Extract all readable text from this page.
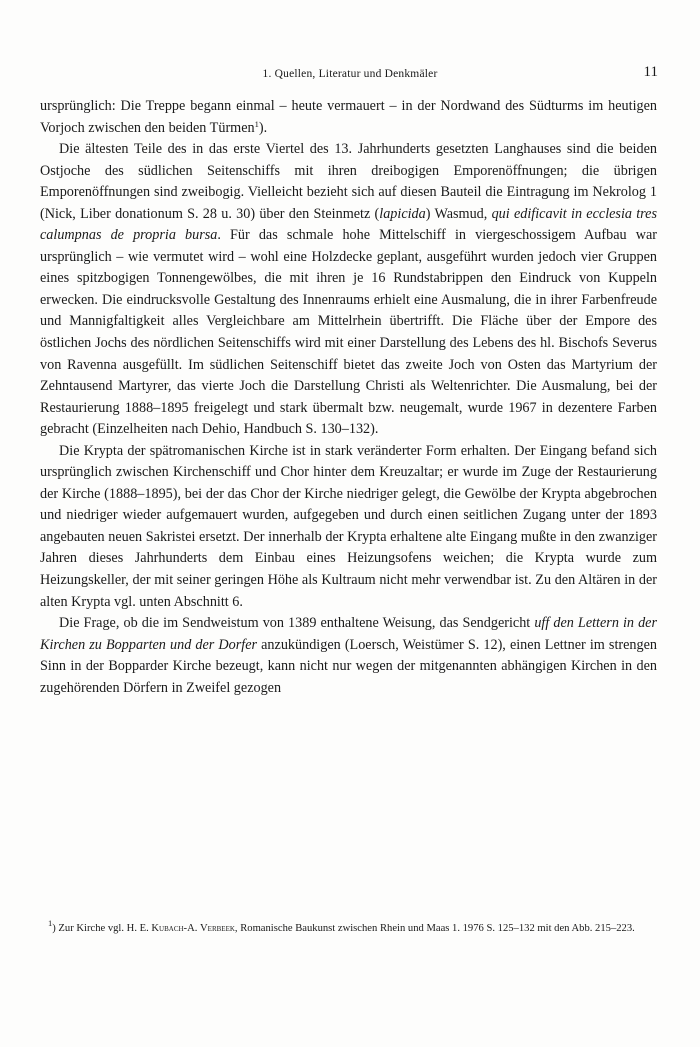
1. Quellen, Literatur und Denkmäler	11

ursprünglich: Die Treppe begann einmal – heute vermauert – in der Nordwand des Südturms im heutigen Vorjoch zwischen den beiden Türmen$^1$).

Die ältesten Teile des in das erste Viertel des 13. Jahrhunderts gesetzten Langhauses sind die beiden Ostjoche des südlichen Seitenschiffs mit ihren dreibogigen Emporenöffnungen; die übrigen Emporenöffnungen sind zweibogig. Vielleicht bezieht sich auf diesen Bauteil die Eintragung im Nekrolog 1 (Nick, Liber donationum S. 28 u. 30) über den Steinmetz (lapicida) Wasmud, qui edificavit in ecclesia tres calumpnas de propria bursa. Für das schmale hohe Mittelschiff in viergeschossigem Aufbau war ursprünglich – wie vermutet wird – wohl eine Holzdecke geplant, ausgeführt wurden jedoch vier Gruppen eines spitzbogigen Tonnengewölbes, die mit ihren je 16 Rundstabrippen den Eindruck von Kuppeln erwecken. Die eindrucksvolle Gestaltung des Innenraums erhielt eine Ausmalung, die in ihrer Farbenfreude und Mannigfaltigkeit alles Vergleichbare am Mittelrhein übertrifft. Die Fläche über der Empore des östlichen Jochs des nördlichen Seitenschiffs wird mit einer Darstellung des Lebens des hl. Bischofs Severus von Ravenna ausgefüllt. Im südlichen Seitenschiff bietet das zweite Joch von Osten das Martyrium der Zehntausend Martyrer, das vierte Joch die Darstellung Christi als Weltenrichter. Die Ausmalung, bei der Restaurierung 1888–1895 freigelegt und stark übermalt bzw. neugemalt, wurde 1967 in dezentere Farben gebracht (Einzelheiten nach Dehio, Handbuch S. 130–132).

Die Krypta der spätromanischen Kirche ist in stark veränderter Form erhalten. Der Eingang befand sich ursprünglich zwischen Kirchenschiff und Chor hinter dem Kreuzaltar; er wurde im Zuge der Restaurierung der Kirche (1888–1895), bei der das Chor der Kirche niedriger gelegt, die Gewölbe der Krypta abgebrochen und niedriger wieder aufgemauert wurden, aufgegeben und durch einen seitlichen Zugang unter der 1893 angebauten neuen Sakristei ersetzt. Der innerhalb der Krypta erhaltene alte Eingang mußte in den zwanziger Jahren dieses Jahrhunderts dem Einbau eines Heizungsofens weichen; die Krypta wurde zum Heizungskeller, der mit seiner geringen Höhe als Kultraum nicht mehr verwendbar ist. Zu den Altären in der alten Krypta vgl. unten Abschnitt 6.

Die Frage, ob die im Sendweistum von 1389 enthaltene Weisung, das Sendgericht uff den Lettern in der Kirchen zu Bopparten und der Dorfer anzukündigen (Loersch, Weistümer S. 12), einen Lettner im strengen Sinn in der Bopparder Kirche bezeugt, kann nicht nur wegen der mitgenannten abhängigen Kirchen in den zugehörenden Dörfern in Zweifel gezogen

$^1$) Zur Kirche vgl. H. E. Kubach-A. Verbeek, Romanische Baukunst zwischen Rhein und Maas 1. 1976 S. 125–132 mit den Abb. 215–223.
